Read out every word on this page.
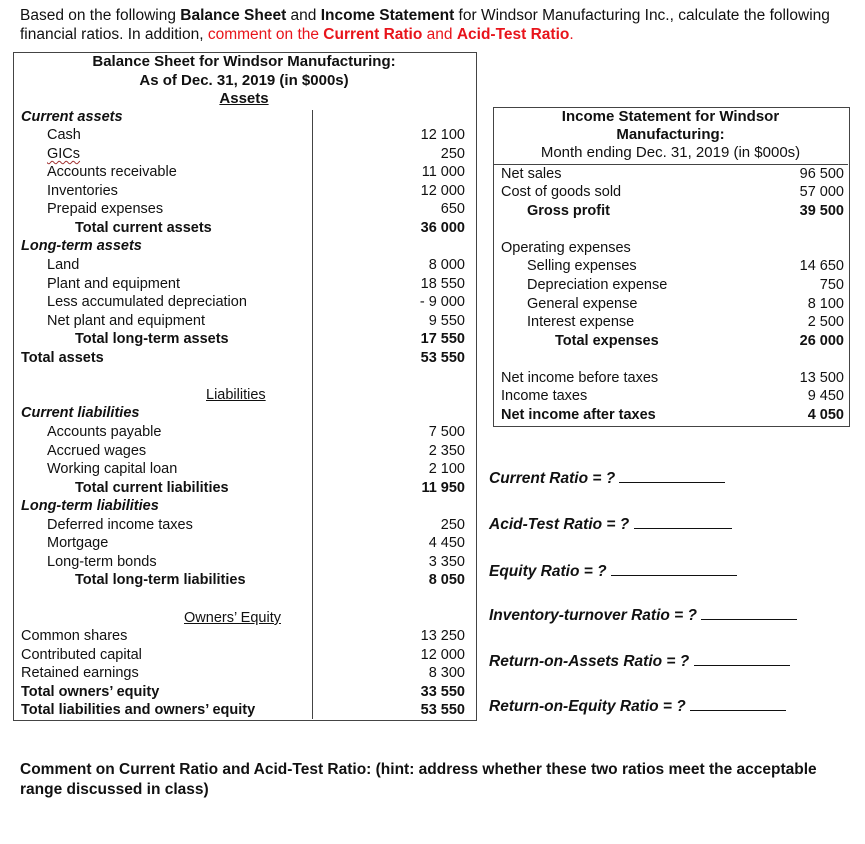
Based on the following Balance Sheet and Income Statement for Windsor Manufacturing Inc., calculate the following financial ratios. In addition, comment on the Current Ratio and Acid-Test Ratio.
Balance Sheet for Windsor Manufacturing:
As of Dec. 31, 2019 (in $000s)
Assets
Current assets
Cash
GICs
Accounts receivable
Inventories
Prepaid expenses
Total current assets
Long-term assets
Land
Plant and equipment
Less accumulated depreciation
Net plant and equipment
Total long-term assets
Total assets
Liabilities
Current liabilities
Accounts payable
Accrued wages
Working capital loan
Total current liabilities
Long-term liabilities
Deferred income taxes
Mortgage
Long-term bonds
Total long-term liabilities
Owners’ Equity
Common shares
Contributed capital
Retained earnings
Total owners’ equity
Total liabilities and owners’ equity
12 100
250
11 000
12 000
650
36 000
8 000
18 550
- 9 000
9 550
17 550
53 550
7 500
2 350
2 100
11 950
250
4 450
3 350
8 050
13 250
12 000
8 300
33 550
53 550
Income Statement for Windsor
Manufacturing:
Month ending Dec. 31, 2019 (in $000s)
Net sales
Cost of goods sold
Gross profit
Operating expenses
Selling expenses
Depreciation expense
General expense
Interest expense
Total expenses
Net income before taxes
Income taxes
Net income after taxes
96 500
57 000
39 500
14 650
750
8 100
2 500
26 000
13 500
9 450
4 050
Current Ratio = ?
Acid-Test Ratio = ?
Equity Ratio = ?
Inventory-turnover Ratio = ?
Return-on-Assets Ratio = ?
Return-on-Equity Ratio = ?
Comment on Current Ratio and Acid-Test Ratio: (hint: address whether these two ratios meet the acceptable range discussed in class)
